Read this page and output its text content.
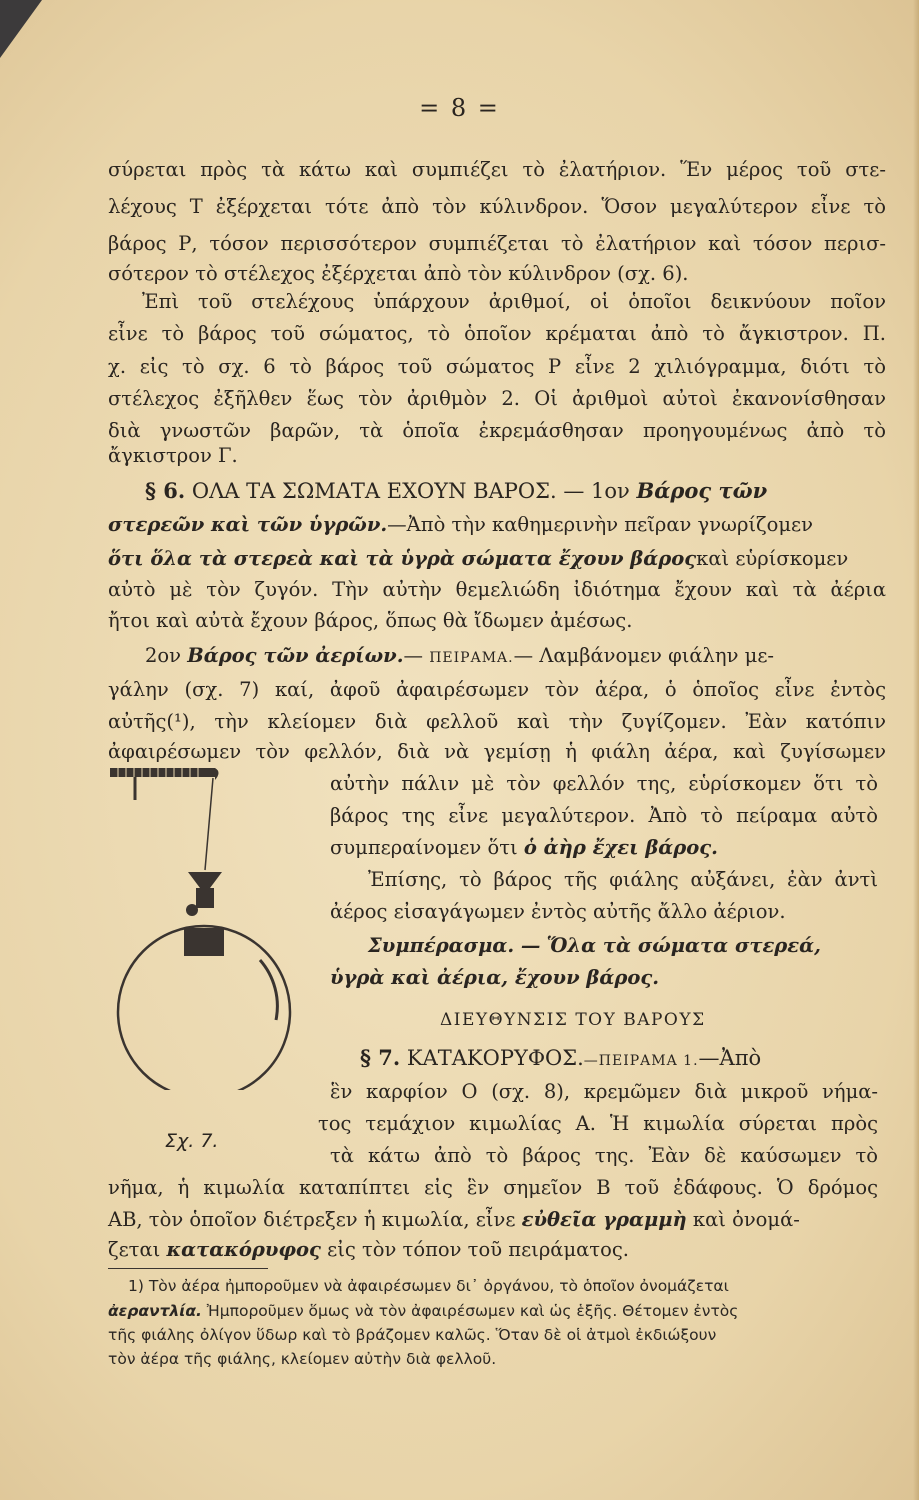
= 8 =
σύρεται πρὸς τὰ κάτω καὶ συμπιέζει τὸ ἐλατήριον. Ἕν μέρος τοῦ στε-
λέχους Τ ἐξέρχεται τότε ἀπὸ τὸν κύλινδρον. Ὅσον μεγαλύτερον εἶνε τὸ
βάρος Ρ, τόσον περισσότερον συμπιέζεται τὸ ἐλατήριον καὶ τόσον περισ-
σότερον τὸ στέλεχος ἐξέρχεται ἀπὸ τὸν κύλινδρον (σχ. 6).
Ἐπὶ τοῦ στελέχους ὑπάρχουν ἀριθμοί, οἱ ὁποῖοι δεικνύουν ποῖον
εἶνε τὸ βάρος τοῦ σώματος, τὸ ὁποῖον κρέμαται ἀπὸ τὸ ἄγκιστρον. Π.
χ. εἰς τὸ σχ. 6 τὸ βάρος τοῦ σώματος Ρ εἶνε 2 χιλιόγραμμα, διότι τὸ
στέλεχος ἐξῆλθεν ἕως τὸν ἀριθμὸν 2. Οἱ ἀριθμοὶ αὐτοὶ ἐκανονίσθησαν
διὰ γνωστῶν βαρῶν, τὰ ὁποῖα ἐκρεμάσθησαν προηγουμένως ἀπὸ τὸ
ἄγκιστρον Γ.
§ 6. ΟΛΑ ΤΑ ΣΩΜΑΤΑ ΕΧΟΥΝ ΒΑΡΟΣ. — 1ον Βάρος τῶν
στερεῶν καὶ τῶν ὑγρῶν.—Ἀπὸ τὴν καθημερινὴν πεῖραν γνωρίζομεν
ὅτι ὅλα τὰ στερεὰ καὶ τὰ ὑγρὰ σώματα ἔχουν βάροςκαὶ εὑρίσκομεν
αὐτὸ μὲ τὸν ζυγόν. Τὴν αὐτὴν θεμελιώδη ἰδιότημα ἔχουν καὶ τὰ ἀέρια
ἤτοι καὶ αὐτὰ ἔχουν βάρος, ὅπως θὰ ἴδωμεν ἀμέσως.
2ον Βάρος τῶν ἀερίων.— ΠΕΙΡΑΜΑ.— Λαμβάνομεν φιάλην με-
γάλην (σχ. 7) καί, ἀφοῦ ἀφαιρέσωμεν τὸν ἀέρα, ὁ ὁποῖος εἶνε ἐντὸς
αὐτῆς(¹), τὴν κλείομεν διὰ φελλοῦ καὶ τὴν ζυγίζομεν. Ἐὰν κατόπιν
ἀφαιρέσωμεν τὸν φελλόν, διὰ νὰ γεμίσῃ ἡ φιάλη ἀέρα, καὶ ζυγίσωμεν
αὐτὴν πάλιν μὲ τὸν φελλόν της, εὑρίσκομεν ὅτι τὸ
βάρος της εἶνε μεγαλύτερον. Ἀπὸ τὸ πείραμα αὐτὸ
συμπεραίνομεν ὅτι ὁ ἀὴρ ἔχει βάρος.
Ἐπίσης, τὸ βάρος τῆς φιάλης αὐξάνει, ἐὰν ἀντὶ
ἀέρος εἰσαγάγωμεν ἐντὸς αὐτῆς ἄλλο ἀέριον.
Συμπέρασμα. — Ὅλα τὰ σώματα στερεά,
ὑγρὰ καὶ ἀέρια, ἔχουν βάρος.
ΔΙΕΥΘΥΝΣΙΣ ΤΟΥ ΒΑΡΟΥΣ
§ 7. ΚΑΤΑΚΟΡΥΦΟΣ.—ΠΕΙΡΑΜΑ 1.—Ἀπὸ
ἓν καρφίον Ο (σχ. 8), κρεμῶμεν διὰ μικροῦ νήμα-
τος τεμάχιον κιμωλίας Α. Ἡ κιμωλία σύρεται πρὸς
τὰ κάτω ἀπὸ τὸ βάρος της. Ἐὰν δὲ καύσωμεν τὸ
νῆμα, ἡ κιμωλία καταπίπτει εἰς ἓν σημεῖον Β τοῦ ἐδάφους. Ὁ δρόμος
ΑΒ, τὸν ὁποῖον διέτρεξεν ἡ κιμωλία, εἶνε εὐθεῖα γραμμὴ καὶ ὀνομά-
ζεται κατακόρυφος εἰς τὸν τόπον τοῦ πειράματος.
Σχ. 7.
1) Τὸν ἀέρα ἠμποροῦμεν νὰ ἀφαιρέσωμεν δι᾽ ὀργάνου, τὸ ὁποῖον ὀνομάζεται
ἀεραντλία. Ἠμποροῦμεν ὅμως νὰ τὸν ἀφαιρέσωμεν καὶ ὡς ἑξῆς. Θέτομεν ἐντὸς
τῆς φιάλης ὀλίγον ὕδωρ καὶ τὸ βράζομεν καλῶς. Ὅταν δὲ οἱ ἀτμοὶ ἐκδιώξουν
τὸν ἀέρα τῆς φιάλης, κλείομεν αὐτὴν διὰ φελλοῦ.
